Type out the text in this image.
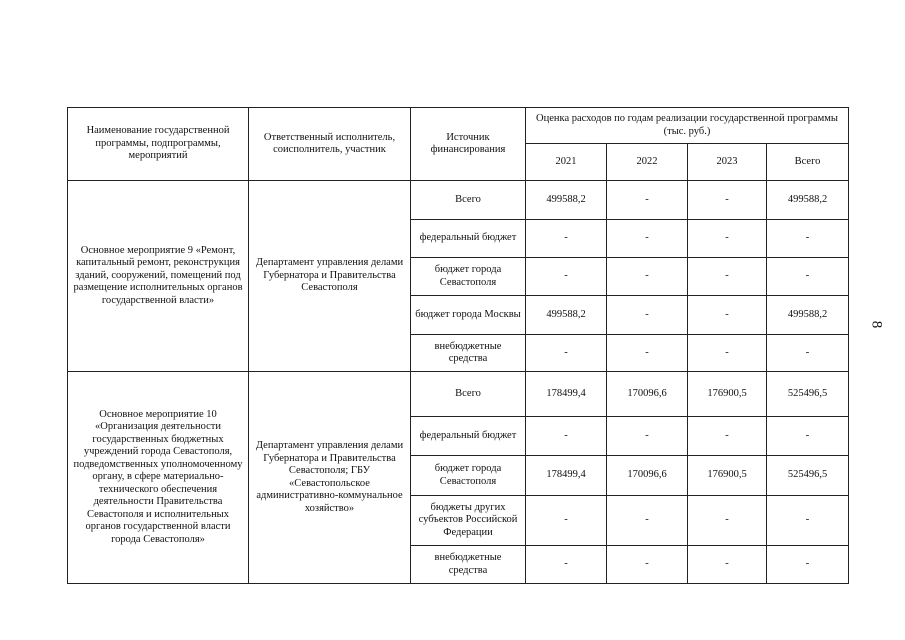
8
Наименование государственной программы, подпрограммы, мероприятий	Ответственный исполнитель, соисполнитель, участник	Источник финансирования	Оценка расходов по годам реализации государственной программы (тыс. руб.)			
			2021	2022	2023	Всего
Основное мероприятие 9 «Ремонт, капитальный ремонт, реконструкция зданий, сооружений, помещений под размещение исполнительных органов государственной власти»	Департамент управления делами Губернатора и Правительства Севастополя	Всего	499588,2	-	-	499588,2
		федеральный бюджет	-	-	-	-
		бюджет города Севастополя	-	-	-	-
		бюджет города Москвы	499588,2	-	-	499588,2
		внебюджетные средства	-	-	-	-
Основное мероприятие 10 «Организация деятельности государственных бюджетных учреждений города Севастополя, подведомственных уполномоченному органу, в сфере материально-технического обеспечения деятельности Правительства Севастополя и исполнительных органов государственной власти города Севастополя»	Департамент управления делами Губернатора и Правительства Севастополя; ГБУ «Севастопольское административно-коммунальное хозяйство»	Всего	178499,4	170096,6	176900,5	525496,5
		федеральный бюджет	-	-	-	-
		бюджет города Севастополя	178499,4	170096,6	176900,5	525496,5
		бюджеты других субъектов Российской Федерации	-	-	-	-
		внебюджетные средства	-	-	-	-
